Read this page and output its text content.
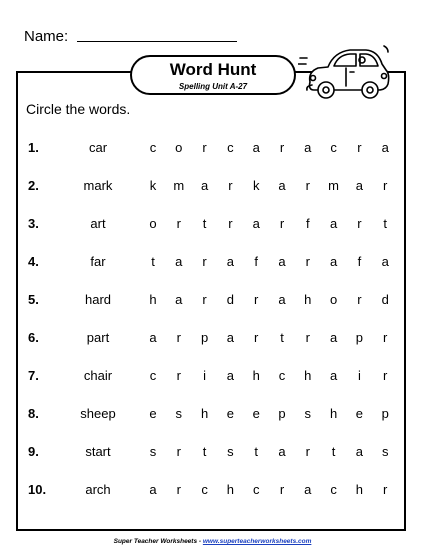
Name:
Word Hunt
Spelling Unit A-27
Circle the words.
1.	car	c o	r	c a	r	a c	r	a
2.	mark	k m a	r	k a	r	m a	r
3.	art	o	r	t	r	a	r	f	a	r	t
4.	far	t	a	r	a	f	a	r	a	f	a
5.	hard	h a	r	d	r	a h o	r	d
6.	part	a	r	p a	r	t	r	a p	r
7.	chair	c	r	i	a h c h a	i	r
8.	sheep	e s h e e p s h e p
9.	start	s	r	t	s	t	a	r	t	a s
10.	arch	a	r	c h c	r	a c h	r
Super Teacher Worksheets - www.superteacherworksheets.com
